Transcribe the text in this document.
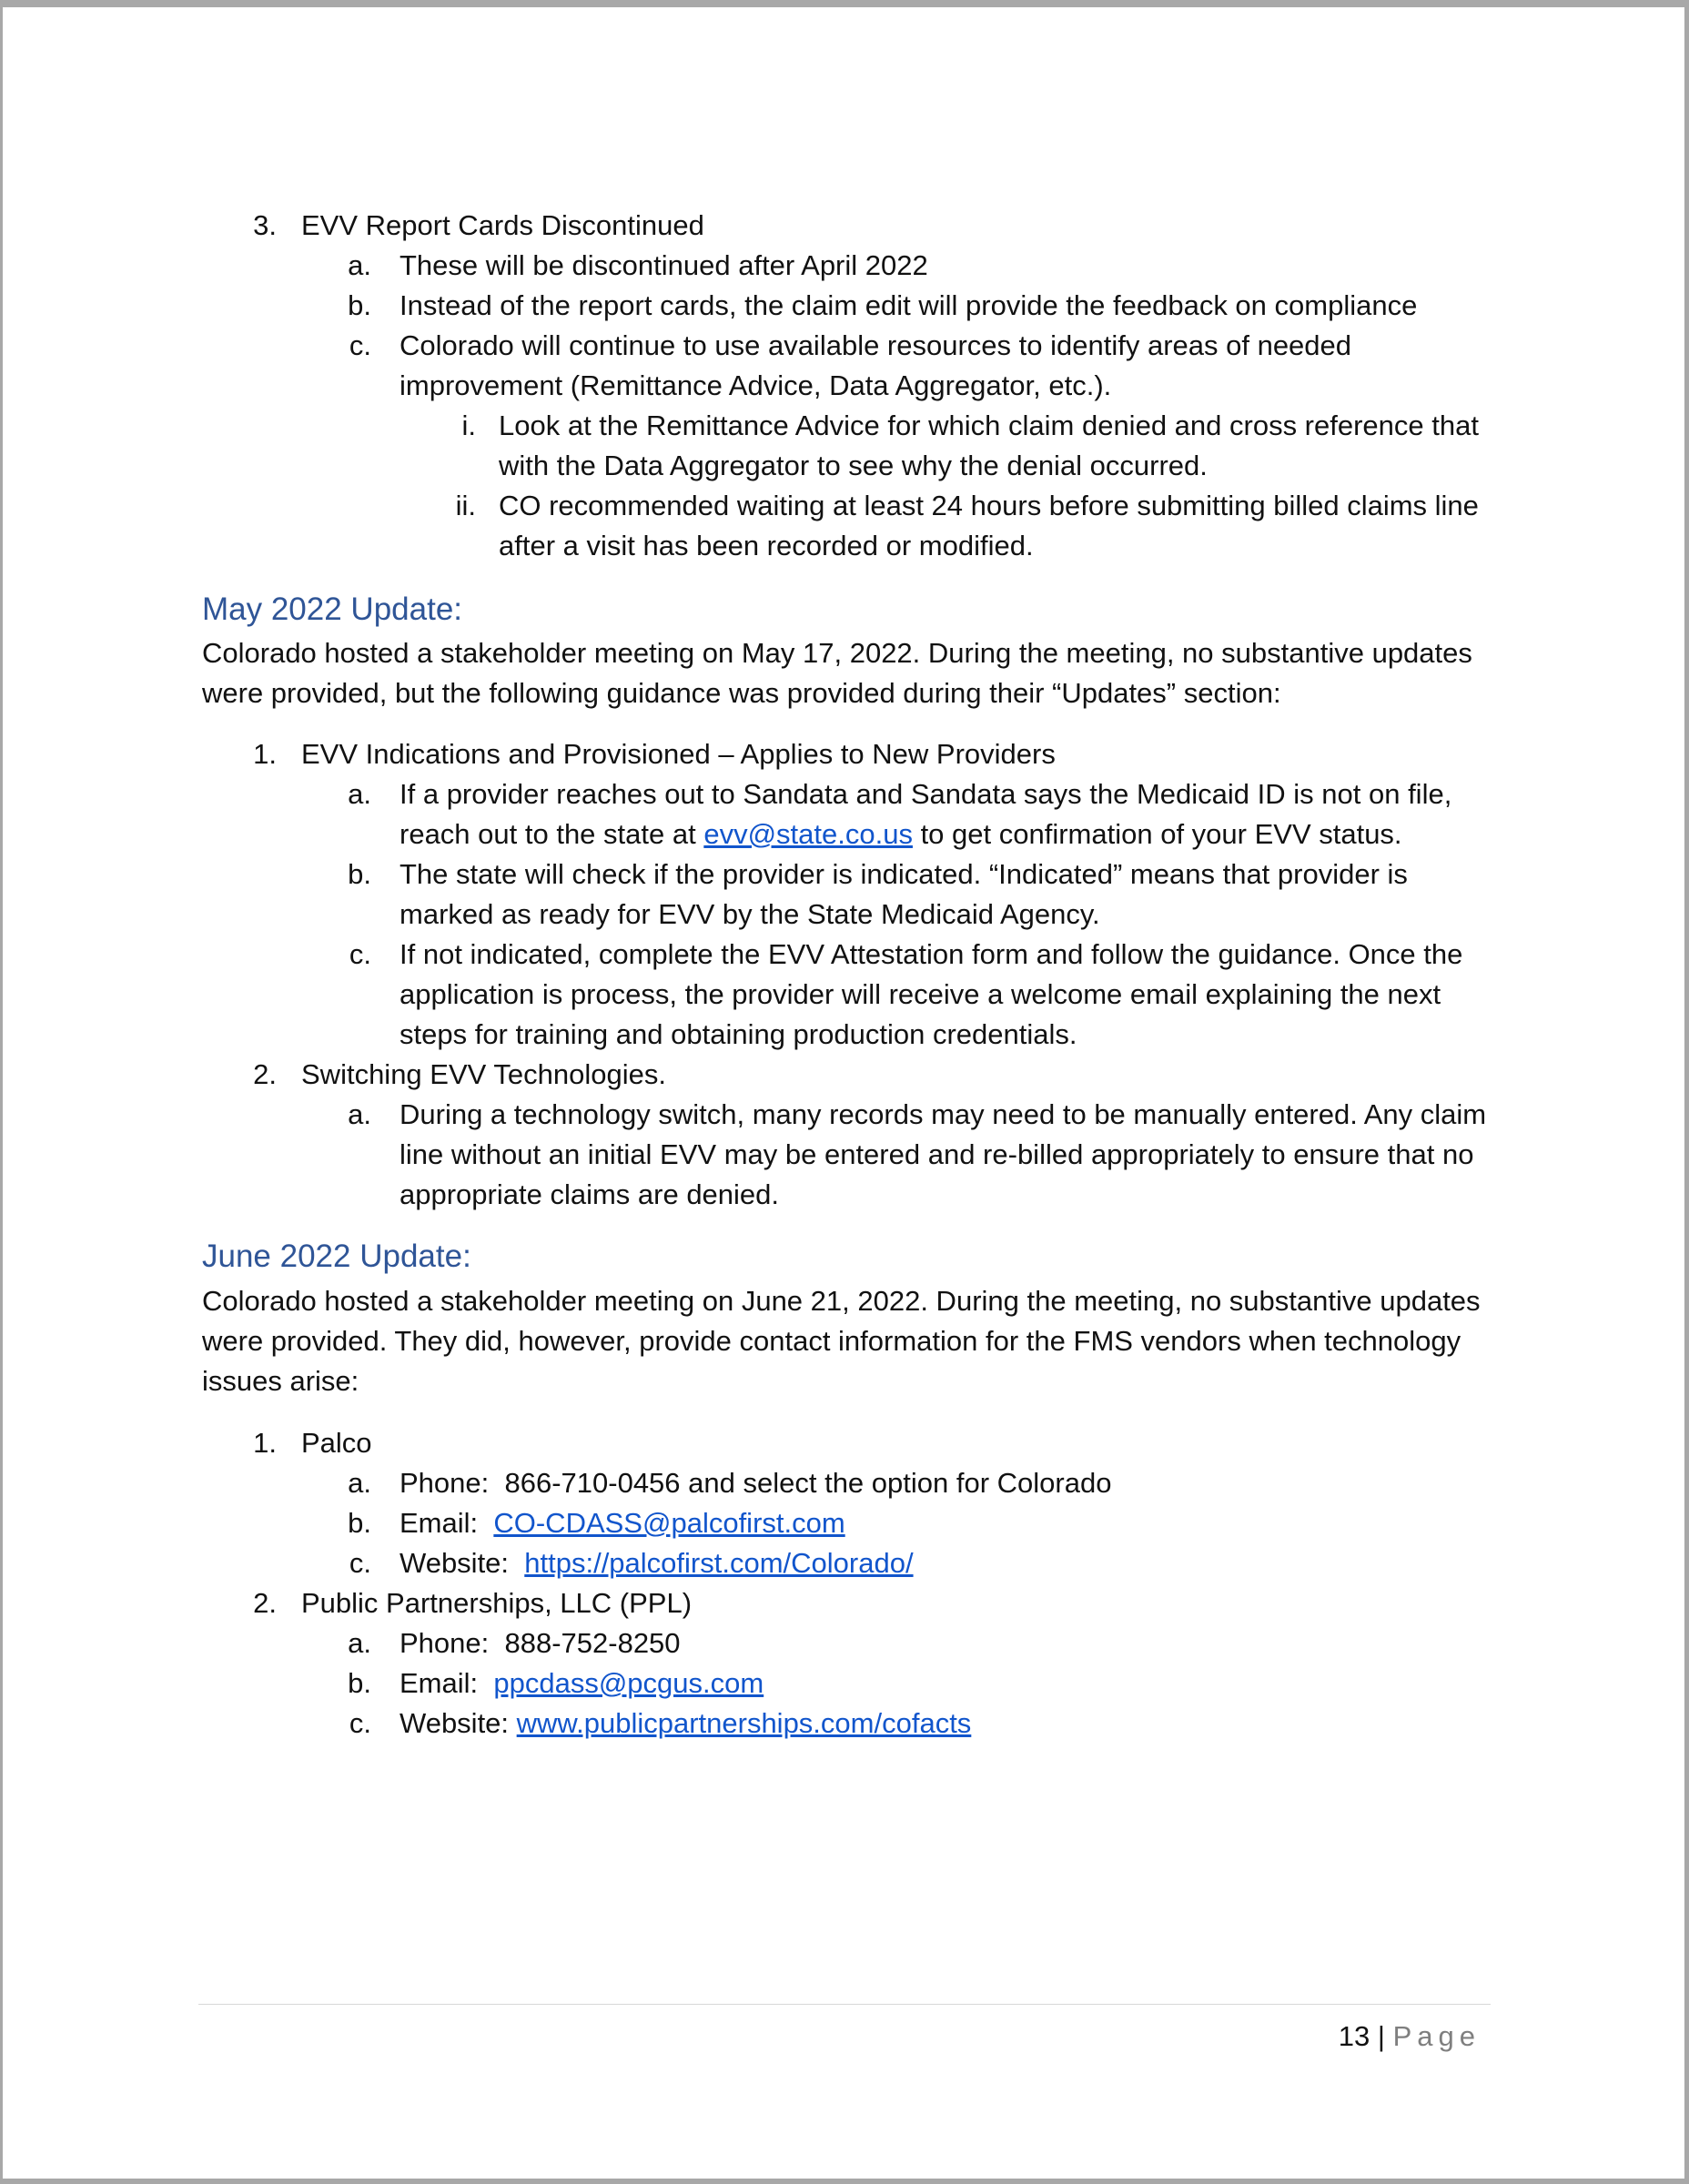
3. EVV Report Cards Discontinued
a. These will be discontinued after April 2022
b. Instead of the report cards, the claim edit will provide the feedback on compliance
c. Colorado will continue to use available resources to identify areas of needed
improvement (Remittance Advice, Data Aggregator, etc.).
i. Look at the Remittance Advice for which claim denied and cross reference that
with the Data Aggregator to see why the denial occurred.
ii. CO recommended waiting at least 24 hours before submitting billed claims line
after a visit has been recorded or modified.
May 2022 Update:
Colorado hosted a stakeholder meeting on May 17, 2022. During the meeting, no substantive updates
were provided, but the following guidance was provided during their “Updates” section:
1. EVV Indications and Provisioned – Applies to New Providers
a. If a provider reaches out to Sandata and Sandata says the Medicaid ID is not on file,
reach out to the state at evv@state.co.us to get confirmation of your EVV status.
b. The state will check if the provider is indicated. “Indicated” means that provider is
marked as ready for EVV by the State Medicaid Agency.
c. If not indicated, complete the EVV Attestation form and follow the guidance. Once the
application is process, the provider will receive a welcome email explaining the next
steps for training and obtaining production credentials.
2. Switching EVV Technologies.
a. During a technology switch, many records may need to be manually entered. Any claim
line without an initial EVV may be entered and re-billed appropriately to ensure that no
appropriate claims are denied.
June 2022 Update:
Colorado hosted a stakeholder meeting on June 21, 2022. During the meeting, no substantive updates
were provided. They did, however, provide contact information for the FMS vendors when technology
issues arise:
1. Palco
a. Phone:  866-710-0456 and select the option for Colorado
b. Email:  CO-CDASS@palcofirst.com
c. Website:  https://palcofirst.com/Colorado/
2. Public Partnerships, LLC (PPL)
a. Phone:  888-752-8250
b. Email:  ppcdass@pcgus.com
c. Website: www.publicpartnerships.com/cofacts
13 | Page
